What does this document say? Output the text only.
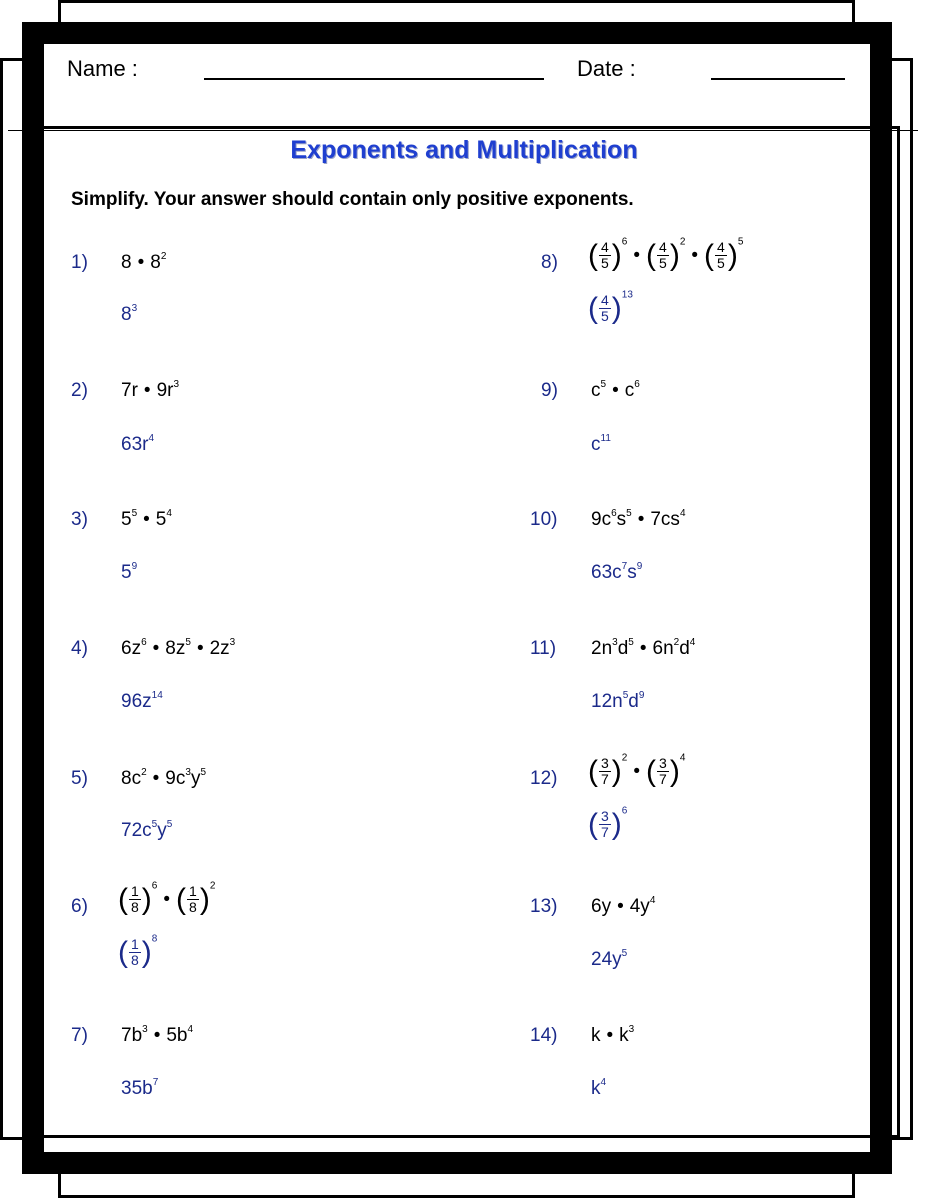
Name :	Date :
Exponents and Multiplication
Simplify. Your answer should contain only positive exponents.
1) 8 • $8^2$
$8^3$
2) 7r • $9r^3$
$63r^4$
3) $5^5$ • $5^4$
$5^9$
4) $6z^6$ • $8z^5$ • $2z^3$
$96z^{14}$
5) $8c^2$ • $9c^3y^5$
$72c^5y^5$
6) ( $\frac{1}{8}$ )$^6$• ( $\frac{1}{8} )^2$
( $\frac{1}{8} )^8$
7) $7b^3$ • $5b^4$
$35b^7$
8) ( $\frac{4}{5}$ )$^6$• ( $\frac{4}{5}$ )$^2$• ( $\frac{4}{5} )^5$
( $\frac{4}{5} )^{13}$
9) $c^5$ • $c^6$
$c^{11}$
10) $9c^6s^5$ • $7cs^4$
$63c^7s^9$
11) $2n^3d^5$ • $6n^2d^4$
$12n^5d^9$
12) ( $\frac{3}{7}$ )$^2$• ( $\frac{3}{7} )^4$
( $\frac{3}{7} )^6$
13) 6y • $4y^4$
$24y^5$
14) k • $k^3$
$k^4$
